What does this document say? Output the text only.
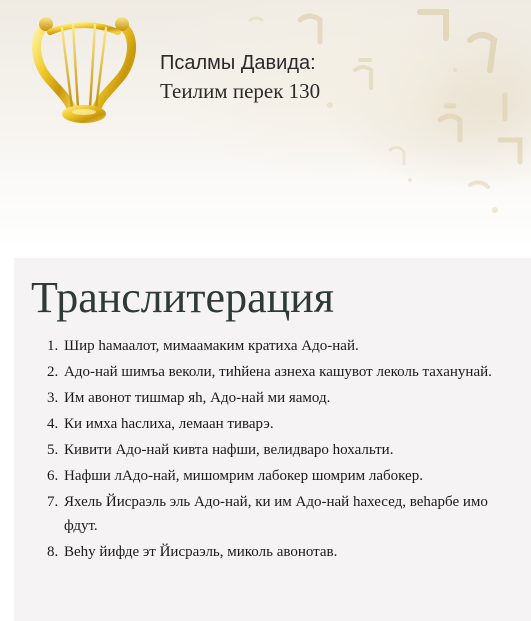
Псалмы Давида:
Теилим перек 130
Транслитерация
1. Шир hамаалот, мимаамаким кратиха Адо-най.
2. Адо-най шимъа веколи, тиhйена азнеха кашувот леколь таханунай.
3. Им авонот тишмар яh, Адо-най ми яамод.
4. Ки имха hаслиха, лемаан тиварэ.
5. Кивити Адо-най кивта нафши, велидваро hохальти.
6. Нафши лАдо-най, мишомрим лабокер шомрим лабокер.
7. Яхель Йисраэль эль Адо-най, ки им Адо-най hахесед, веhарбе имо фдут.
8. Веhу йифде эт Йисраэль, миколь авонотав.
